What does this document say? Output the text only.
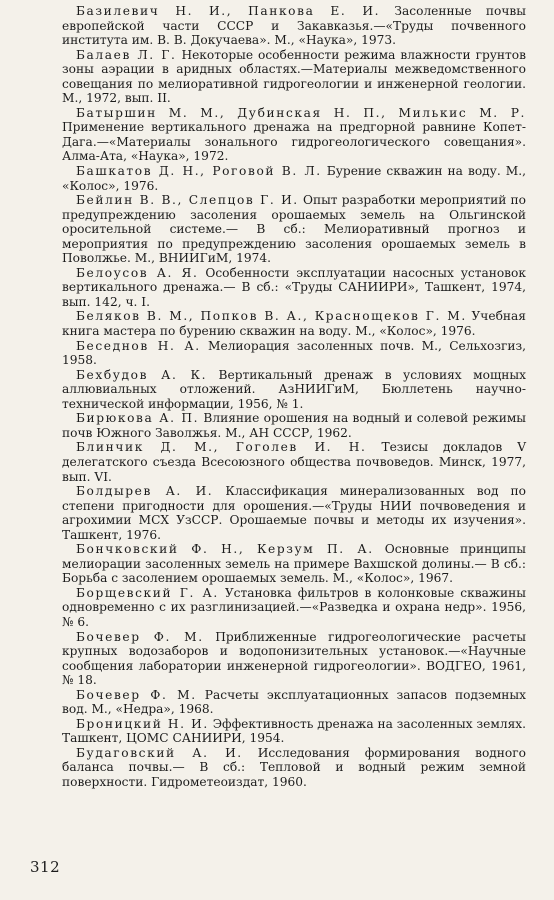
Базилевич Н. И., Панкова Е. И. Засоленные почвы европейской части СССР и Закавказья.—«Труды почвенного института им. В. В. Докучаева». М., «Наука», 1973.

Балаев Л. Г. Некоторые особенности режима влажности грунтов зоны аэрации в аридных областях.—Материалы межведомственного совещания по мелиоративной гидрогеологии и инженерной геологии. М., 1972, вып. II.

Батыршин М. М., Дубинская Н. П., Милькис М. Р. Применение вертикального дренажа на предгорной равнине Копет-Дага.—«Материалы зонального гидрогеологического совещания». Алма-Ата, «Наука», 1972.

Башкатов Д. Н., Роговой В. Л. Бурение скважин на воду. М., «Колос», 1976.

Бейлин В. В., Слепцов Г. И. Опыт разработки мероприятий по предупреждению засоления орошаемых земель на Ольгинской оросительной системе.— В сб.: Мелиоративный прогноз и мероприятия по предупреждению засоления орошаемых земель в Поволжье. М., ВНИИГиМ, 1974.

Белоусов А. Я. Особенности эксплуатации насосных установок вертикального дренажа.— В сб.: «Труды САНИИРИ», Ташкент, 1974, вып. 142, ч. I.

Беляков В. М., Попков В. А., Краснощеков Г. М. Учебная книга мастера по бурению скважин на воду. М., «Колос», 1976.

Беседнов Н. А. Мелиорация засоленных почв. М., Сельхозгиз, 1958.

Бехбудов А. К. Вертикальный дренаж в условиях мощных аллювиальных отложений. АзНИИГиМ, Бюллетень научно-технической информации, 1956, № 1.

Бирюкова А. П. Влияние орошения на водный и солевой режимы почв Южного Заволжья. М., АН СССР, 1962.

Блинчик Д. М., Гоголев И. Н. Тезисы докладов V делегатского съезда Всесоюзного общества почвоведов. Минск, 1977, вып. VI.

Болдырев А. И. Классификация минерализованных вод по степени пригодности для орошения.—«Труды НИИ почвоведения и агрохимии МСХ УзССР. Орошаемые почвы и методы их изучения». Ташкент, 1976.

Бончковский Ф. Н., Керзум П. А. Основные принципы мелиорации засоленных земель на примере Вахшской долины.— В сб.: Борьба с засолением орошаемых земель. М., «Колос», 1967.

Борщевский Г. А. Установка фильтров в колонковые скважины одновременно с их разглинизацией.—«Разведка и охрана недр». 1956, № 6.

Бочевер Ф. М. Приближенные гидрогеологические расчеты крупных водозаборов и водопонизительных установок.—«Научные сообщения лаборатории инженерной гидрогеологии». ВОДГЕО, 1961, № 18.

Бочевер Ф. М. Расчеты эксплуатационных запасов подземных вод. М., «Недра», 1968.

Броницкий Н. И. Эффективность дренажа на засоленных землях. Ташкент, ЦОМС САНИИРИ, 1954.

Будаговский А. И. Исследования формирования водного баланса почвы.— В сб.: Тепловой и водный режим земной поверхности. Гидрометеоиздат, 1960.

312
